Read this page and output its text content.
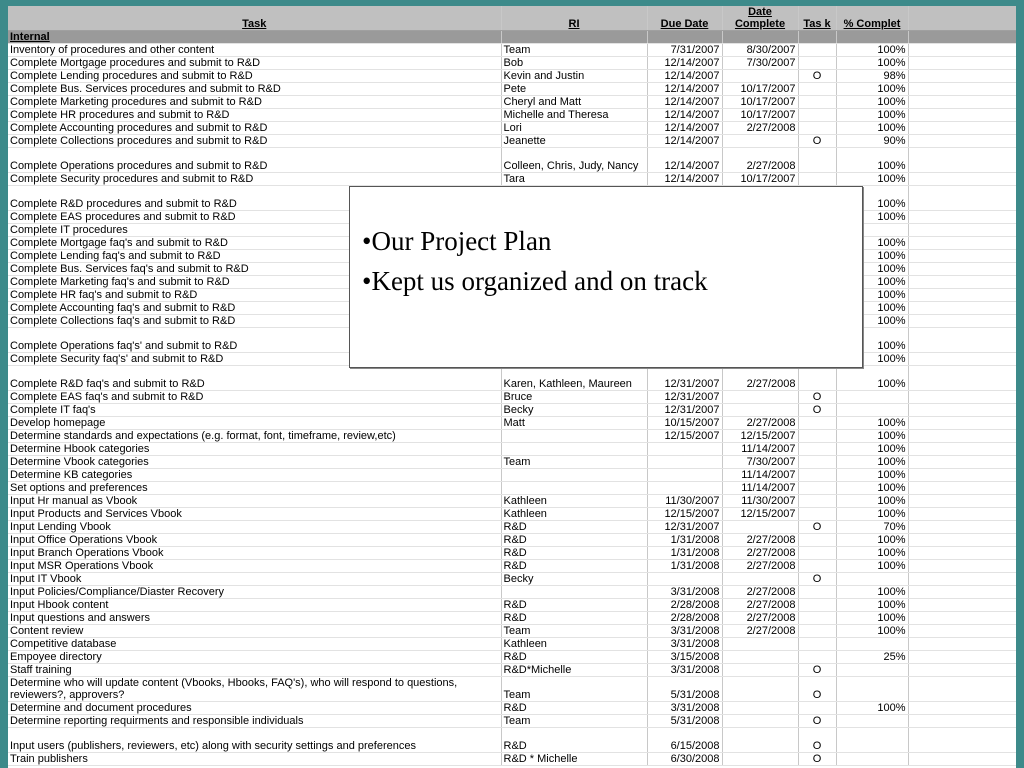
Task	RI	Due Date	Date Complete	Tas k	% Complet	
Internal						
Inventory of procedures and other content	Team	7/31/2007	8/30/2007		100%	
Complete Mortgage procedures and submit to R&D	Bob	12/14/2007	7/30/2007		100%	
Complete Lending procedures and submit to R&D	Kevin and Justin	12/14/2007		O	98%	
Complete Bus. Services procedures and submit to R&D	Pete	12/14/2007	10/17/2007		100%	
Complete Marketing procedures and submit to R&D	Cheryl and Matt	12/14/2007	10/17/2007		100%	
Complete HR procedures and submit to R&D	Michelle and Theresa	12/14/2007	10/17/2007		100%	
Complete Accounting procedures and submit to R&D	Lori	12/14/2007	2/27/2008		100%	
Complete Collections procedures and submit to R&D	Jeanette	12/14/2007		O	90%	
Complete Operations procedures and submit to R&D	Colleen, Chris, Judy, Nancy	12/14/2007	2/27/2008		100%	
Complete Security procedures and submit to R&D	Tara	12/14/2007	10/17/2007		100%	
Complete R&D procedures and submit to R&D					100%	
Complete EAS procedures and submit to R&D					100%	
Complete IT procedures						
Complete Mortgage faq's and submit to R&D					100%	
Complete Lending faq's and submit to R&D					100%	
Complete Bus. Services faq's and submit to R&D					100%	
Complete Marketing faq's and submit to R&D					100%	
Complete HR faq's and submit to R&D					100%	
Complete Accounting faq's and submit to R&D					100%	
Complete Collections faq's and submit to R&D					100%	
Complete Operations faq's' and submit to R&D					100%	
Complete Security faq's' and submit to R&D					100%	
Complete R&D faq's and submit to R&D	Karen, Kathleen, Maureen	12/31/2007	2/27/2008		100%	
Complete EAS faq's and submit to R&D	Bruce	12/31/2007		O		
Complete IT faq's	Becky	12/31/2007		O		
Develop homepage	Matt	10/15/2007	2/27/2008		100%	
Determine standards and expectations (e.g. format, font, timeframe, review,etc)		12/15/2007	12/15/2007		100%	
Determine Hbook categories			11/14/2007		100%	
Determine Vbook categories	Team		7/30/2007		100%	
Determine KB categories			11/14/2007		100%	
Set options and preferences			11/14/2007		100%	
Input Hr manual as Vbook	Kathleen	11/30/2007	11/30/2007		100%	
Input Products and Services Vbook	Kathleen	12/15/2007	12/15/2007		100%	
Input Lending Vbook	R&D	12/31/2007		O	70%	
Input Office Operations Vbook	R&D	1/31/2008	2/27/2008		100%	
Input Branch Operations Vbook	R&D	1/31/2008	2/27/2008		100%	
Input MSR Operations Vbook	R&D	1/31/2008	2/27/2008		100%	
Input IT Vbook	Becky			O		
Input Policies/Compliance/Diaster Recovery		3/31/2008	2/27/2008		100%	
Input Hbook content	R&D	2/28/2008	2/27/2008		100%	
Input questions and answers	R&D	2/28/2008	2/27/2008		100%	
Content review	Team	3/31/2008	2/27/2008		100%	
Competitive database	Kathleen	3/31/2008				
Empoyee directory	R&D	3/15/2008			25%	
Staff training	R&D*Michelle	3/31/2008		O		
Determine who will update content (Vbooks, Hbooks, FAQ's), who will respond to questions, reviewers?, approvers?	Team	5/31/2008		O		
Determine and document procedures	R&D	3/31/2008			100%	
Determine reporting requirments and responsible individuals	Team	5/31/2008		O		
Input users (publishers, reviewers, etc) along with security settings and preferences	R&D	6/15/2008		O		
Train publishers	R&D * Michelle	6/30/2008		O		

•Our Project Plan

•Kept us organized and on track
